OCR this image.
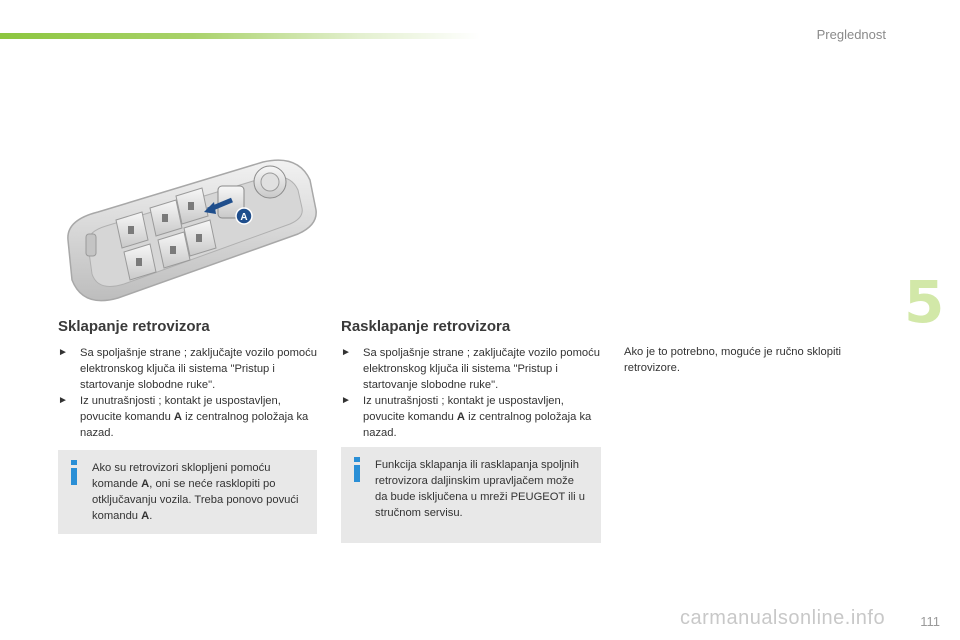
Preglednost
5
A
Sklapanje retrovizora

► Sa spoljašnje strane ; zaključajte vozilo pomoću elektronskog ključa ili sistema "Pristup i startovanje slobodne ruke".

► Iz unutrašnjosti ; kontakt je uspostavljen, povucite komandu A iz centralnog položaja ka nazad.

Ako su retrovizori sklopljeni pomoću komande A, oni se neće rasklopiti po otključavanju vozila. Treba ponovo povući komandu A.
Rasklapanje retrovizora

► Sa spoljašnje strane ; zaključajte vozilo pomoću elektronskog ključa ili sistema "Pristup i startovanje slobodne ruke".

► Iz unutrašnjosti ; kontakt je uspostavljen, povucite komandu A iz centralnog položaja ka nazad.

Funkcija sklapanja ili rasklapanja spoljnih retrovizora daljinskim upravljačem može da bude isključena u mreži PEUGEOT ili u stručnom servisu.
Ako je to potrebno, moguće je ručno sklopiti retrovizore.
111
carmanualsonline.info
